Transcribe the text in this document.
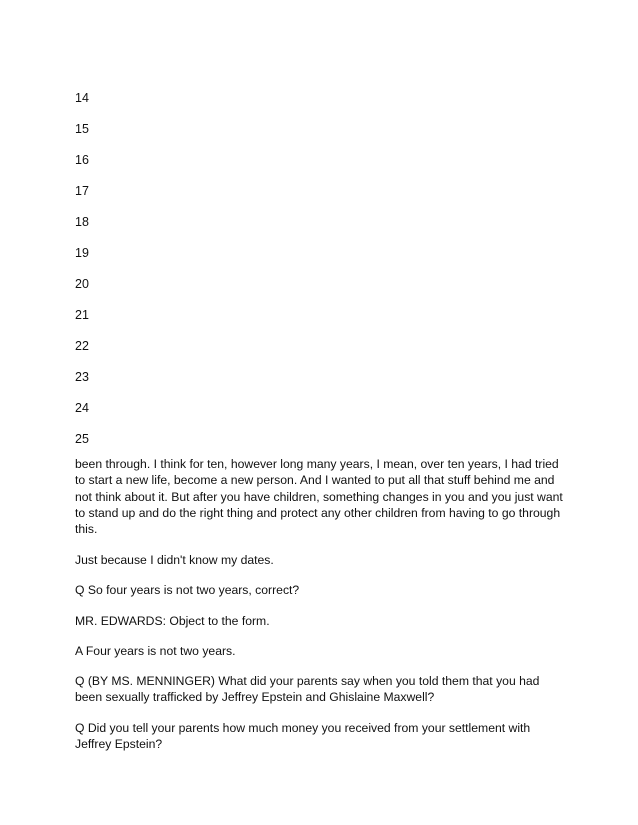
14
15
16
17
18
19
20
21
22
23
24
25

been through. I think for ten, however long many years, I mean, over ten years, I had tried to start a new life, become a new person. And I wanted to put all that stuff behind me and not think about it. But after you have children, something changes in you and you just want to stand up and do the right thing and protect any other children from having to go through this.

Just because I didn't know my dates.

Q So four years is not two years, correct?

MR. EDWARDS: Object to the form.

A Four years is not two years.

Q (BY MS. MENNINGER) What did your parents say when you told them that you had been sexually trafficked by Jeffrey Epstein and Ghislaine Maxwell?

Q Did you tell your parents how much money you received from your settlement with Jeffrey Epstein?
